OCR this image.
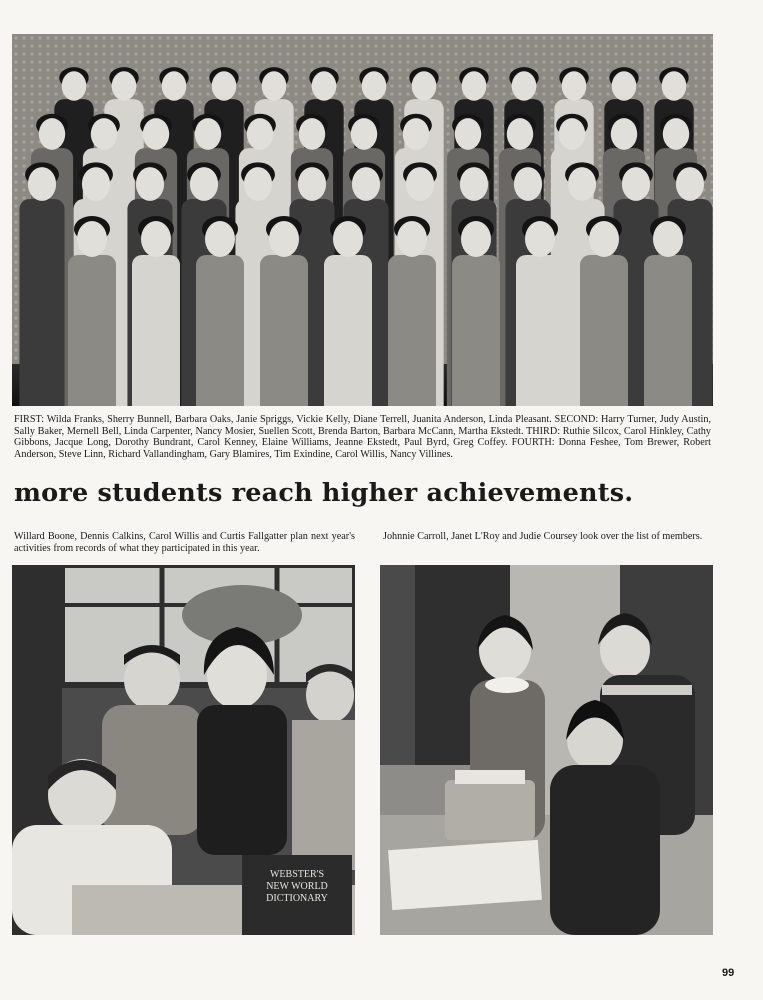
FIRST: Wilda Franks, Sherry Bunnell, Barbara Oaks, Janie Spriggs, Vickie Kelly, Diane Terrell, Juanita Anderson, Linda Pleasant. SECOND: Harry Turner, Judy Austin, Sally Baker, Mernell Bell, Linda Carpenter, Nancy Mosier, Suellen Scott, Brenda Barton, Barbara McCann, Martha Ekstedt. THIRD: Ruthie Silcox, Carol Hinkley, Cathy Gibbons, Jacque Long, Dorothy Bundrant, Carol Kenney, Elaine Williams, Jeanne Ekstedt, Paul Byrd, Greg Coffey. FOURTH: Donna Feshee, Tom Brewer, Robert Anderson, Steve Linn, Richard Vallandingham, Gary Blamires, Tim Exindine, Carol Willis, Nancy Villines.

more students reach higher achievements.

Willard Boone, Dennis Calkins, Carol Willis and Curtis Fallgatter plan next year's activities from records of what they participated in this year.

Johnnie Carroll, Janet L'Roy and Judie Coursey look over the list of members.

WEBSTER'S
NEW WORLD
DICTIONARY
99
